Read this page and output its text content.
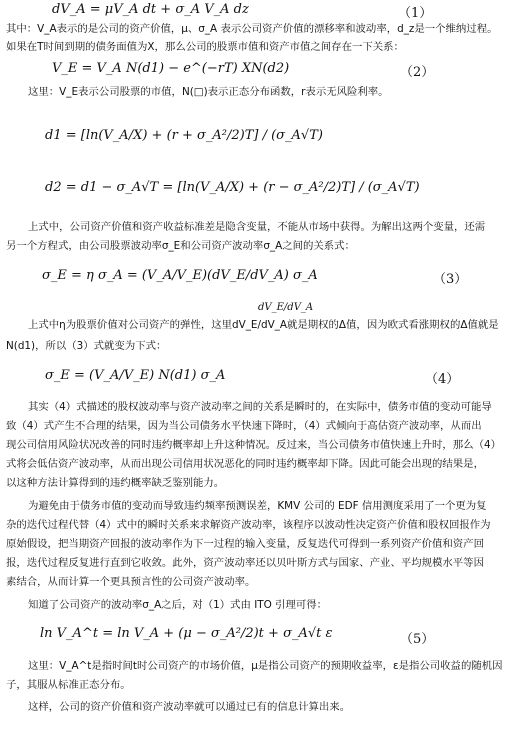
dV_A = μV_A dt + σ_A V_A dz	（1）
其中：V_A表示的是公司的资产价值，μ、σ_A 表示公司资产价值的漂移率和波动率，d_z是一个维纳过程。
如果在T时间到期的债务面值为X，那么公司的股票市值和资产市值之间存在一下关系：
V_E = V_A N(d1) − e^(−rT) XN(d2)	（2）
这里：V_E表示公司股票的市值，N(□)表示正态分布函数，r表示无风险利率。
d1 = [ln(V_A/X) + (r + σ_A²/2)T] / (σ_A√T)
d2 = d1 − σ_A√T = [ln(V_A/X) + (r − σ_A²/2)T] / (σ_A√T)
上式中，公司资产价值和资产收益标准差是隐含变量，不能从市场中获得。为解出这两个变量，还需
另一个方程式，由公司股票波动率σ_E和公司资产波动率σ_A之间的关系式：
σ_E = η σ_A = (V_A/V_E)(dV_E/dV_A) σ_A	（3）
dV_E/dV_A
上式中η为股票价值对公司资产的弹性，这里dV_E/dV_A就是期权的Δ值，因为欧式看涨期权的Δ值就是
N(d1)，所以（3）式就变为下式：
σ_E = (V_A/V_E) N(d1) σ_A	（4）
其实（4）式描述的股权波动率与资产波动率之间的关系是瞬时的，在实际中，债务市值的变动可能导
致（4）式产生不合理的结果，因为当公司债务水平快速下降时，（4）式倾向于高估资产波动率，从而出
现公司信用风险状况改善的同时违约概率却上升这种情况。反过来，当公司债务市值快速上升时，那么（4）
式将会低估资产波动率，从而出现公司信用状况恶化的同时违约概率却下降。因此可能会出现的结果是，
以这种方法计算得到的违约概率缺乏鉴别能力。
为避免由于债务市值的变动而导致违约频率预测误差，KMV 公司的 EDF 信用测度采用了一个更为复
杂的迭代过程代替（4）式中的瞬时关系来求解资产波动率，该程序以波动性决定资产价值和股权回报作为
原始假设，把当期资产回报的波动率作为下一过程的输入变量，反复迭代可得到一系列资产价值和资产回
报，迭代过程反复进行直到它收敛。此外，资产波动率还以贝叶斯方式与国家、产业、平均规模水平等因
素结合，从而计算一个更具预言性的公司资产波动率。
知道了公司资产的波动率σ_A之后，对（1）式由 ITO 引理可得：
ln V_A^t = ln V_A + (μ − σ_A²/2)t + σ_A√t ε	（5）
这里：V_A^t是指时间t时公司资产的市场价值，μ是指公司资产的预期收益率，ε是指公司收益的随机因
子，其服从标准正态分布。
这样，公司的资产价值和资产波动率就可以通过已有的信息计算出来。
